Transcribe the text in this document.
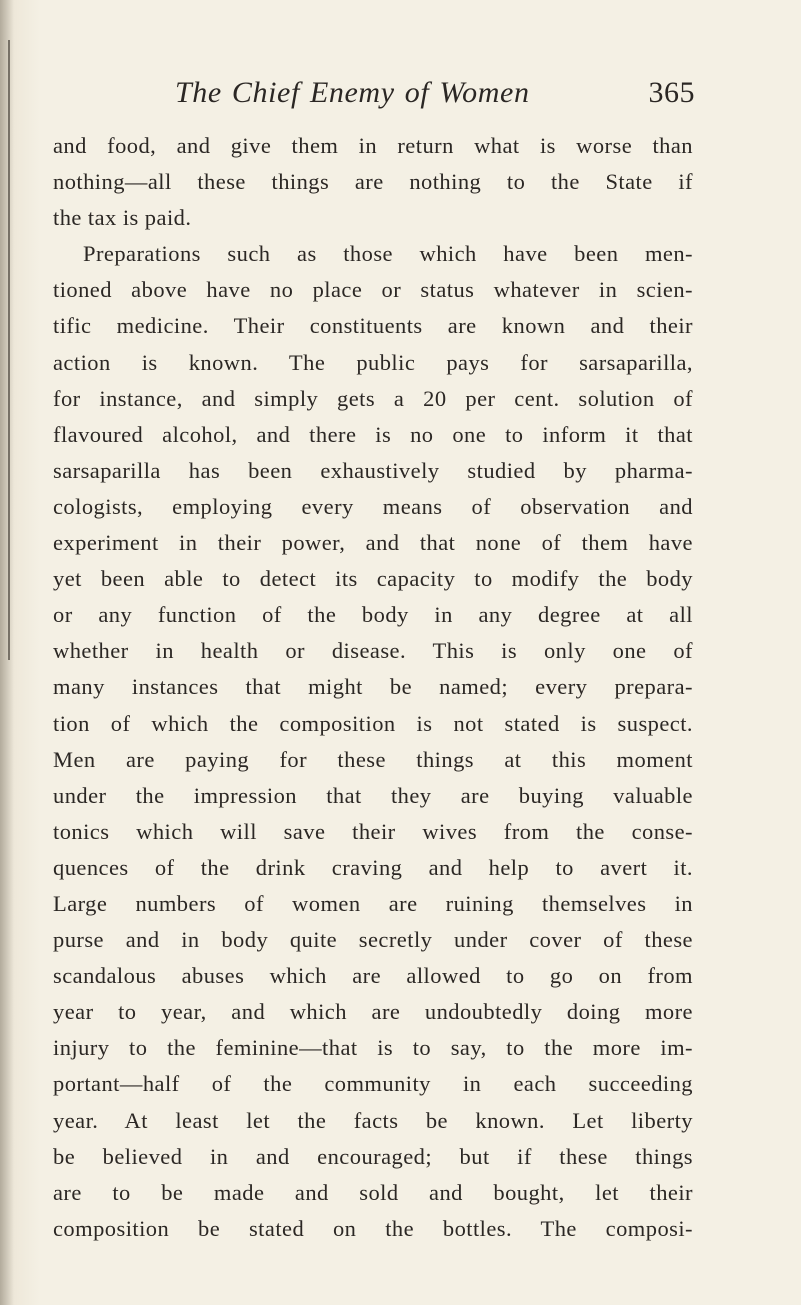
The Chief Enemy of Women	365
and food, and give them in return what is worse than
nothing—all these things are nothing to the State if
the tax is paid.
Preparations such as those which have been men-
tioned above have no place or status whatever in scien-
tific medicine. Their constituents are known and their
action is known. The public pays for sarsaparilla,
for instance, and simply gets a 20 per cent. solution of
flavoured alcohol, and there is no one to inform it that
sarsaparilla has been exhaustively studied by pharma-
cologists, employing every means of observation and
experiment in their power, and that none of them have
yet been able to detect its capacity to modify the body
or any function of the body in any degree at all
whether in health or disease. This is only one of
many instances that might be named; every prepara-
tion of which the composition is not stated is suspect.
Men are paying for these things at this moment
under the impression that they are buying valuable
tonics which will save their wives from the conse-
quences of the drink craving and help to avert it.
Large numbers of women are ruining themselves in
purse and in body quite secretly under cover of these
scandalous abuses which are allowed to go on from
year to year, and which are undoubtedly doing more
injury to the feminine—that is to say, to the more im-
portant—half of the community in each succeeding
year. At least let the facts be known. Let liberty
be believed in and encouraged; but if these things
are to be made and sold and bought, let their
composition be stated on the bottles. The composi-
